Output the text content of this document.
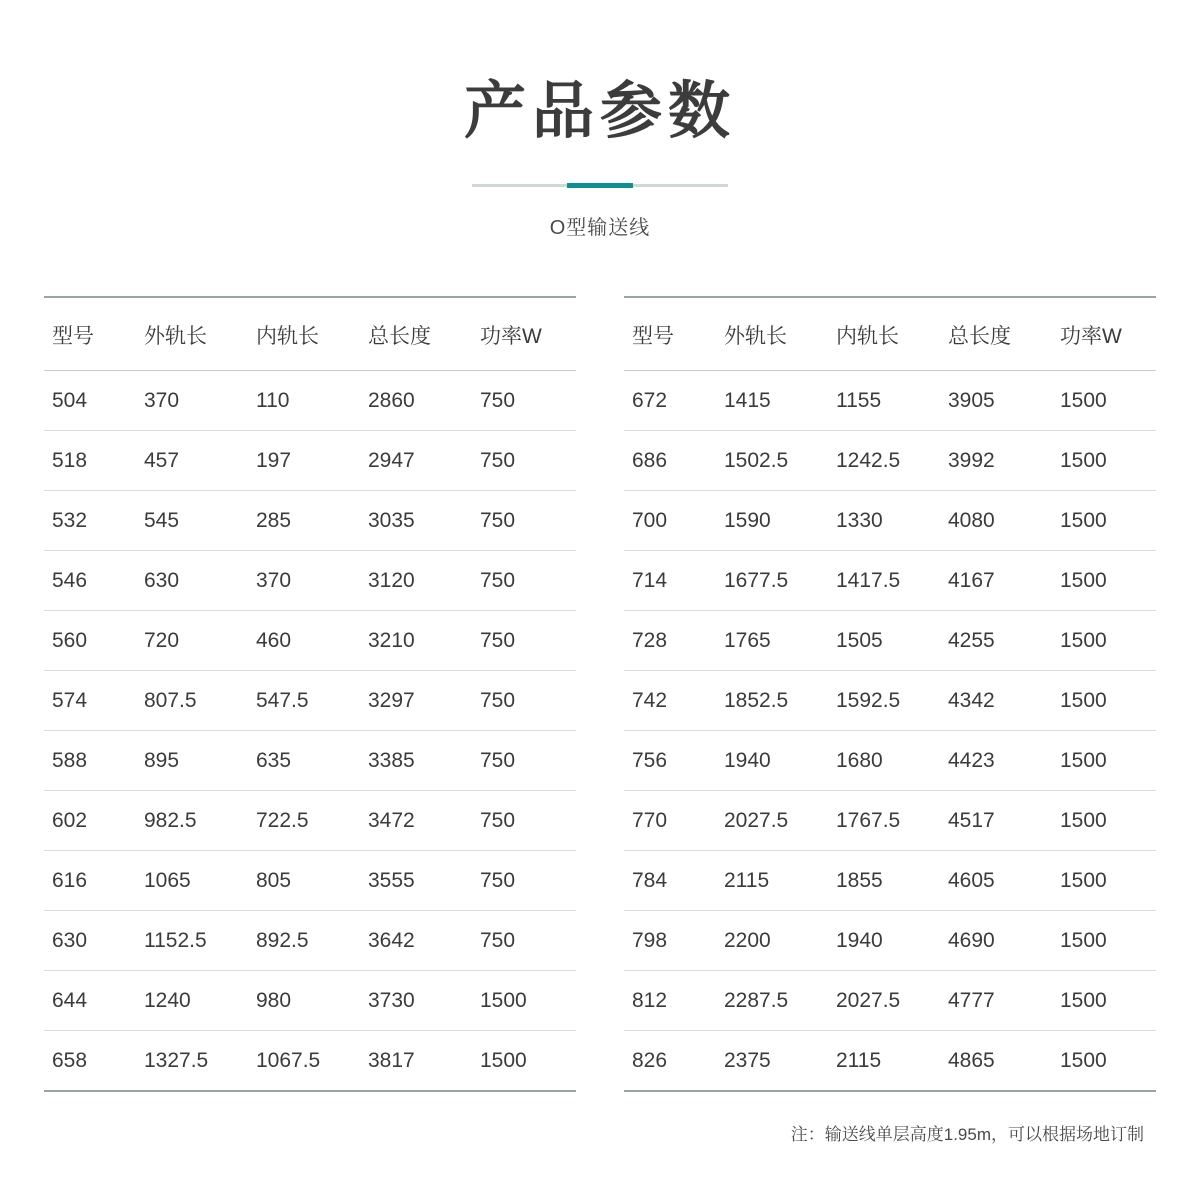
产品参数
O型输送线
型号	外轨长	内轨长	总长度	功率W
504	370	110	2860	750
518	457	197	2947	750
532	545	285	3035	750
546	630	370	3120	750
560	720	460	3210	750
574	807.5	547.5	3297	750
588	895	635	3385	750
602	982.5	722.5	3472	750
616	1065	805	3555	750
630	1152.5	892.5	3642	750
644	1240	980	3730	1500
658	1327.5	1067.5	3817	1500
型号	外轨长	内轨长	总长度	功率W
672	1415	1155	3905	1500
686	1502.5	1242.5	3992	1500
700	1590	1330	4080	1500
714	1677.5	1417.5	4167	1500
728	1765	1505	4255	1500
742	1852.5	1592.5	4342	1500
756	1940	1680	4423	1500
770	2027.5	1767.5	4517	1500
784	2115	1855	4605	1500
798	2200	1940	4690	1500
812	2287.5	2027.5	4777	1500
826	2375	2115	4865	1500
注：输送线单层高度1.95m，可以根据场地订制
